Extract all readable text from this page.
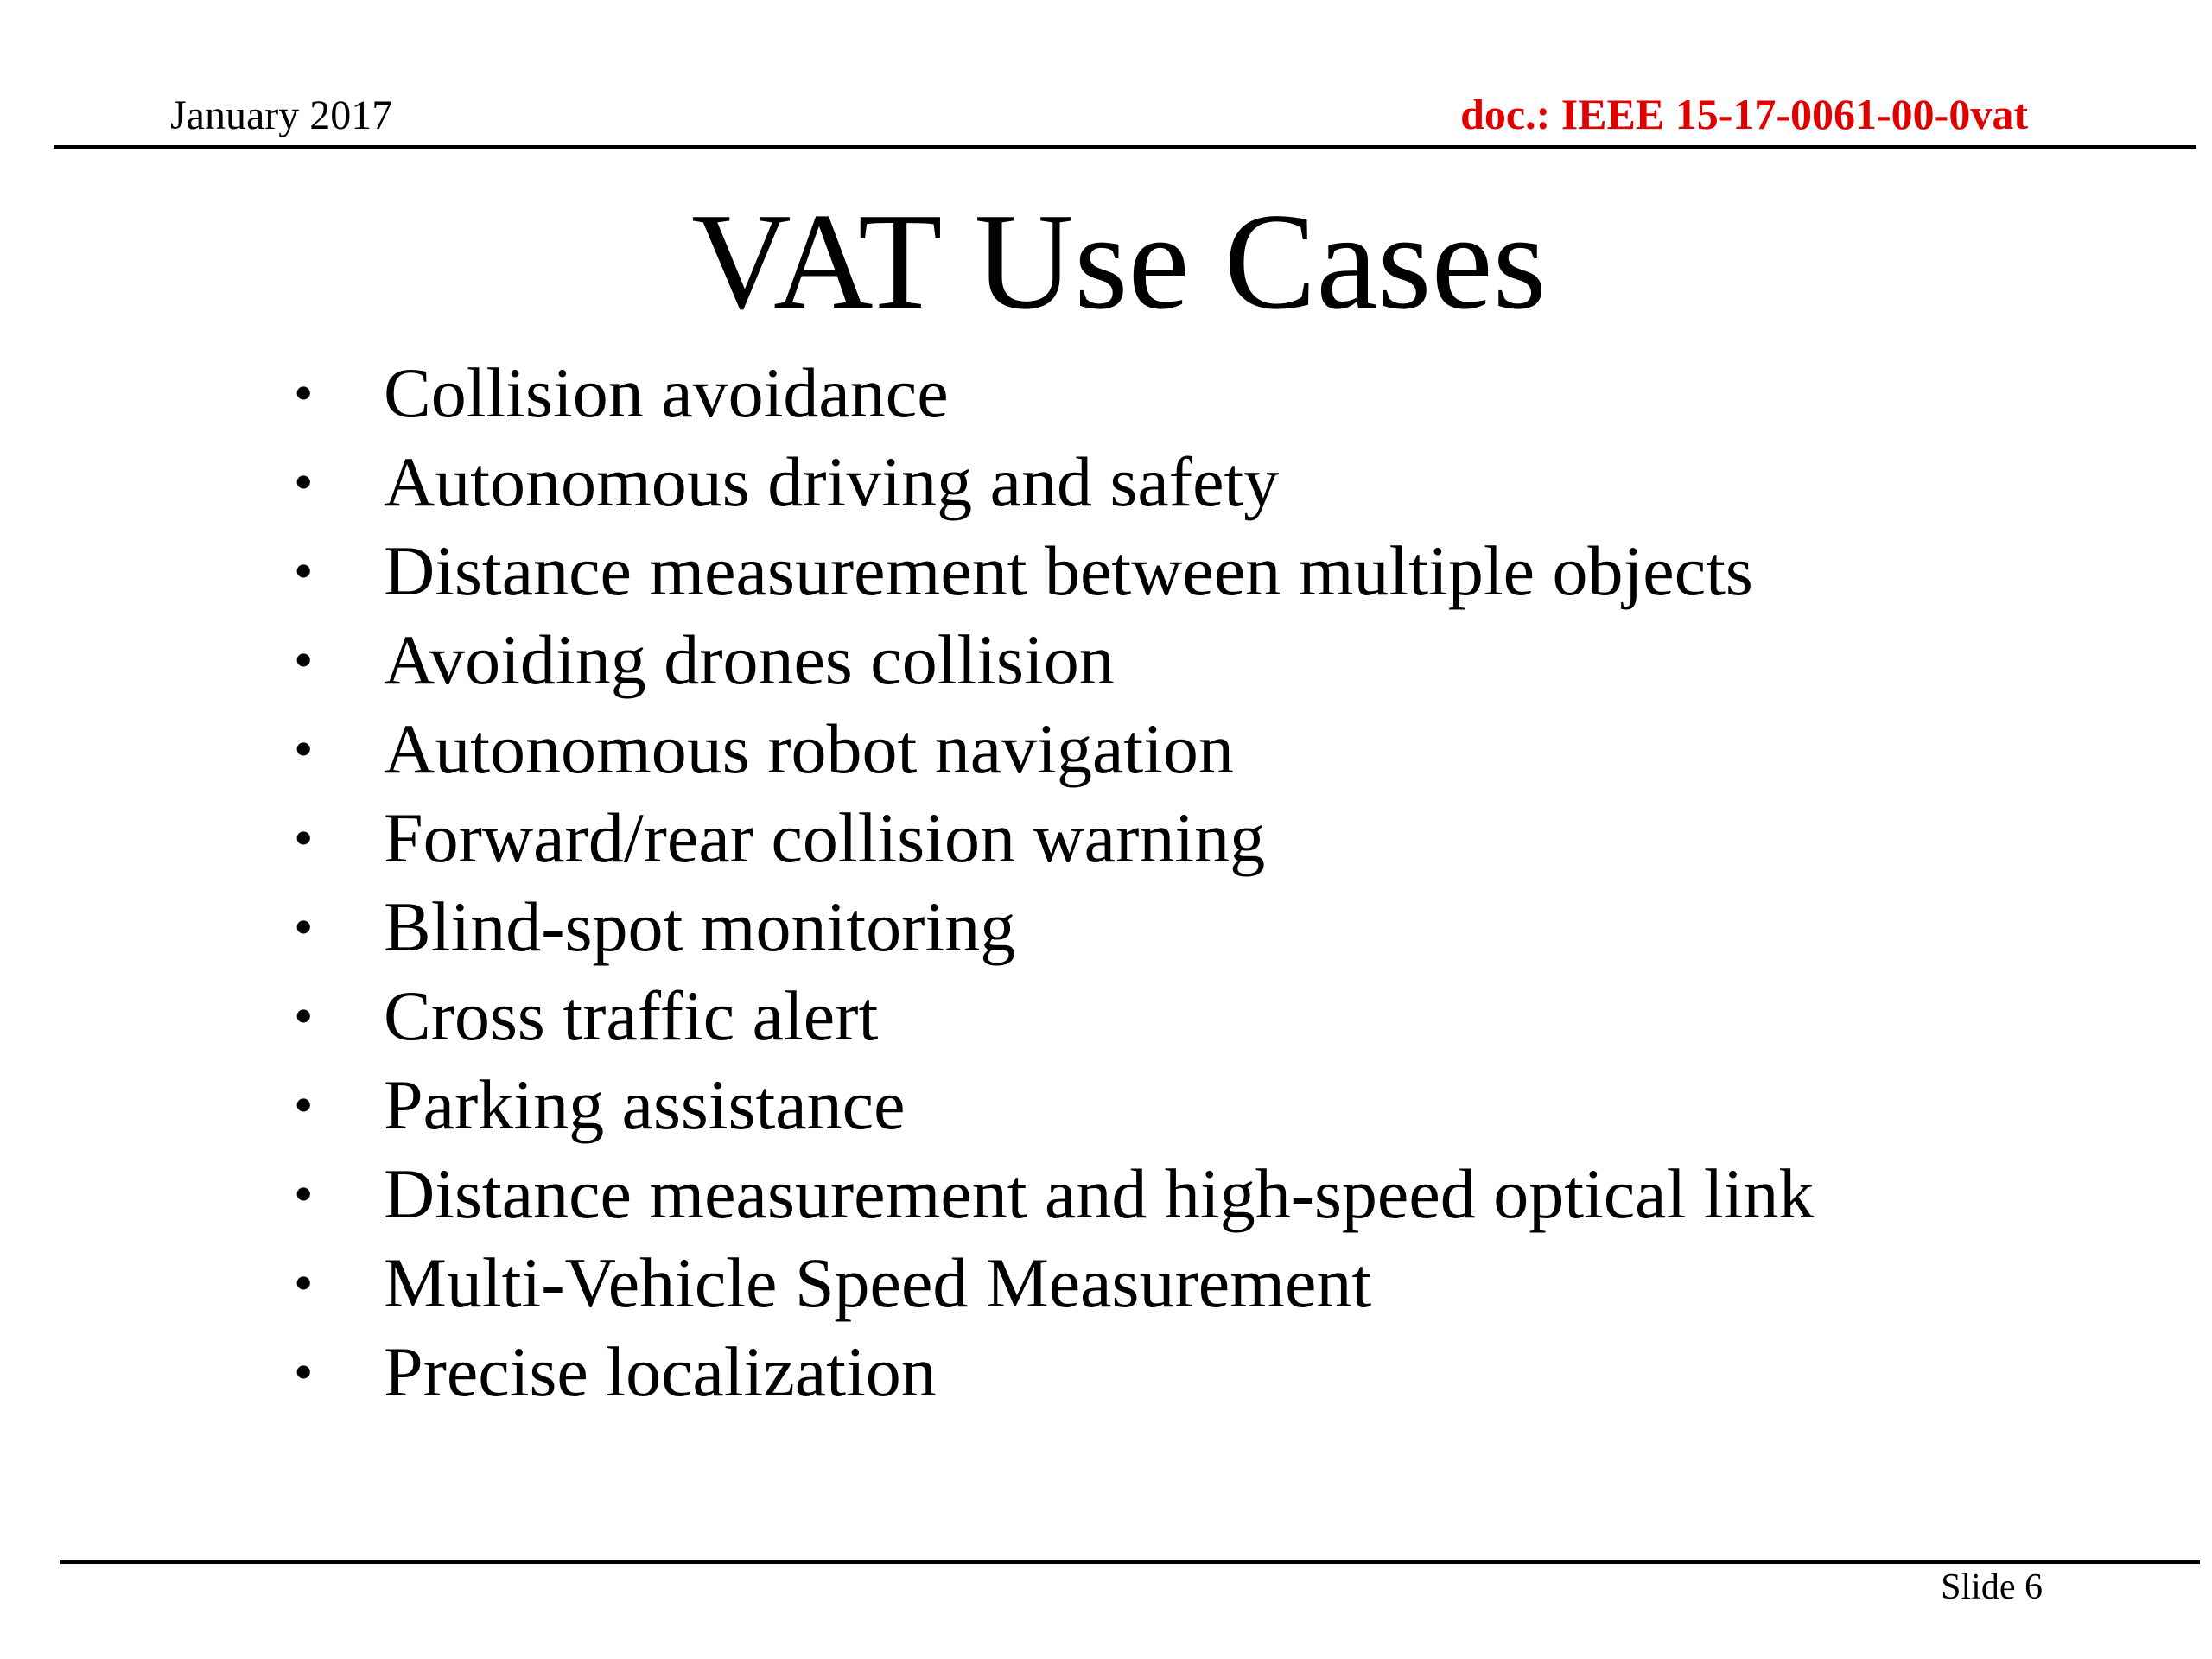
January 2017	doc.: IEEE 15-17-0061-00-0vat
VAT Use Cases
• Collision avoidance
• Autonomous driving and safety
• Distance measurement between multiple objects
• Avoiding drones collision
• Autonomous robot navigation
• Forward/rear collision warning
• Blind-spot monitoring
• Cross traffic alert
• Parking assistance
• Distance measurement and high-speed optical link
• Multi-Vehicle Speed Measurement
• Precise localization
Slide 6
